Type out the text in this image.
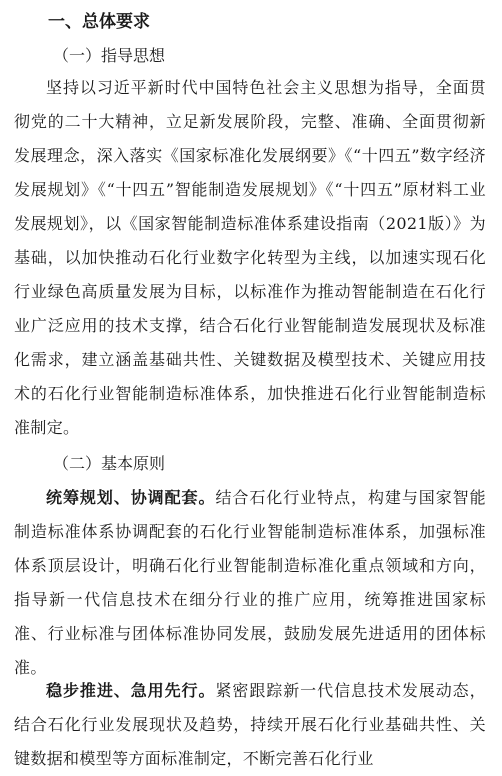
一、总体要求
（一）指导思想

坚持以习近平新时代中国特色社会主义思想为指导，全面贯彻党的二十大精神，立足新发展阶段，完整、准确、全面贯彻新发展理念，深入落实《国家标准化发展纲要》《“十四五”数字经济发展规划》《“十四五”智能制造发展规划》《“十四五”原材料工业发展规划》，以《国家智能制造标准体系建设指南（2021版）》为基础，以加快推动石化行业数字化转型为主线，以加速实现石化行业绿色高质量发展为目标，以标准作为推动智能制造在石化行业广泛应用的技术支撑，结合石化行业智能制造发展现状及标准化需求，建立涵盖基础共性、关键数据及模型技术、关键应用技术的石化行业智能制造标准体系，加快推进石化行业智能制造标准制定。

（二）基本原则

统筹规划、协调配套。结合石化行业特点，构建与国家智能制造标准体系协调配套的石化行业智能制造标准体系，加强标准体系顶层设计，明确石化行业智能制造标准化重点领域和方向，指导新一代信息技术在细分行业的推广应用，统筹推进国家标准、行业标准与团体标准协同发展，鼓励发展先进适用的团体标准。

稳步推进、急用先行。紧密跟踪新一代信息技术发展动态，结合石化行业发展现状及趋势，持续开展石化行业基础共性、关键数据和模型等方面标准制定，不断完善石化行业
